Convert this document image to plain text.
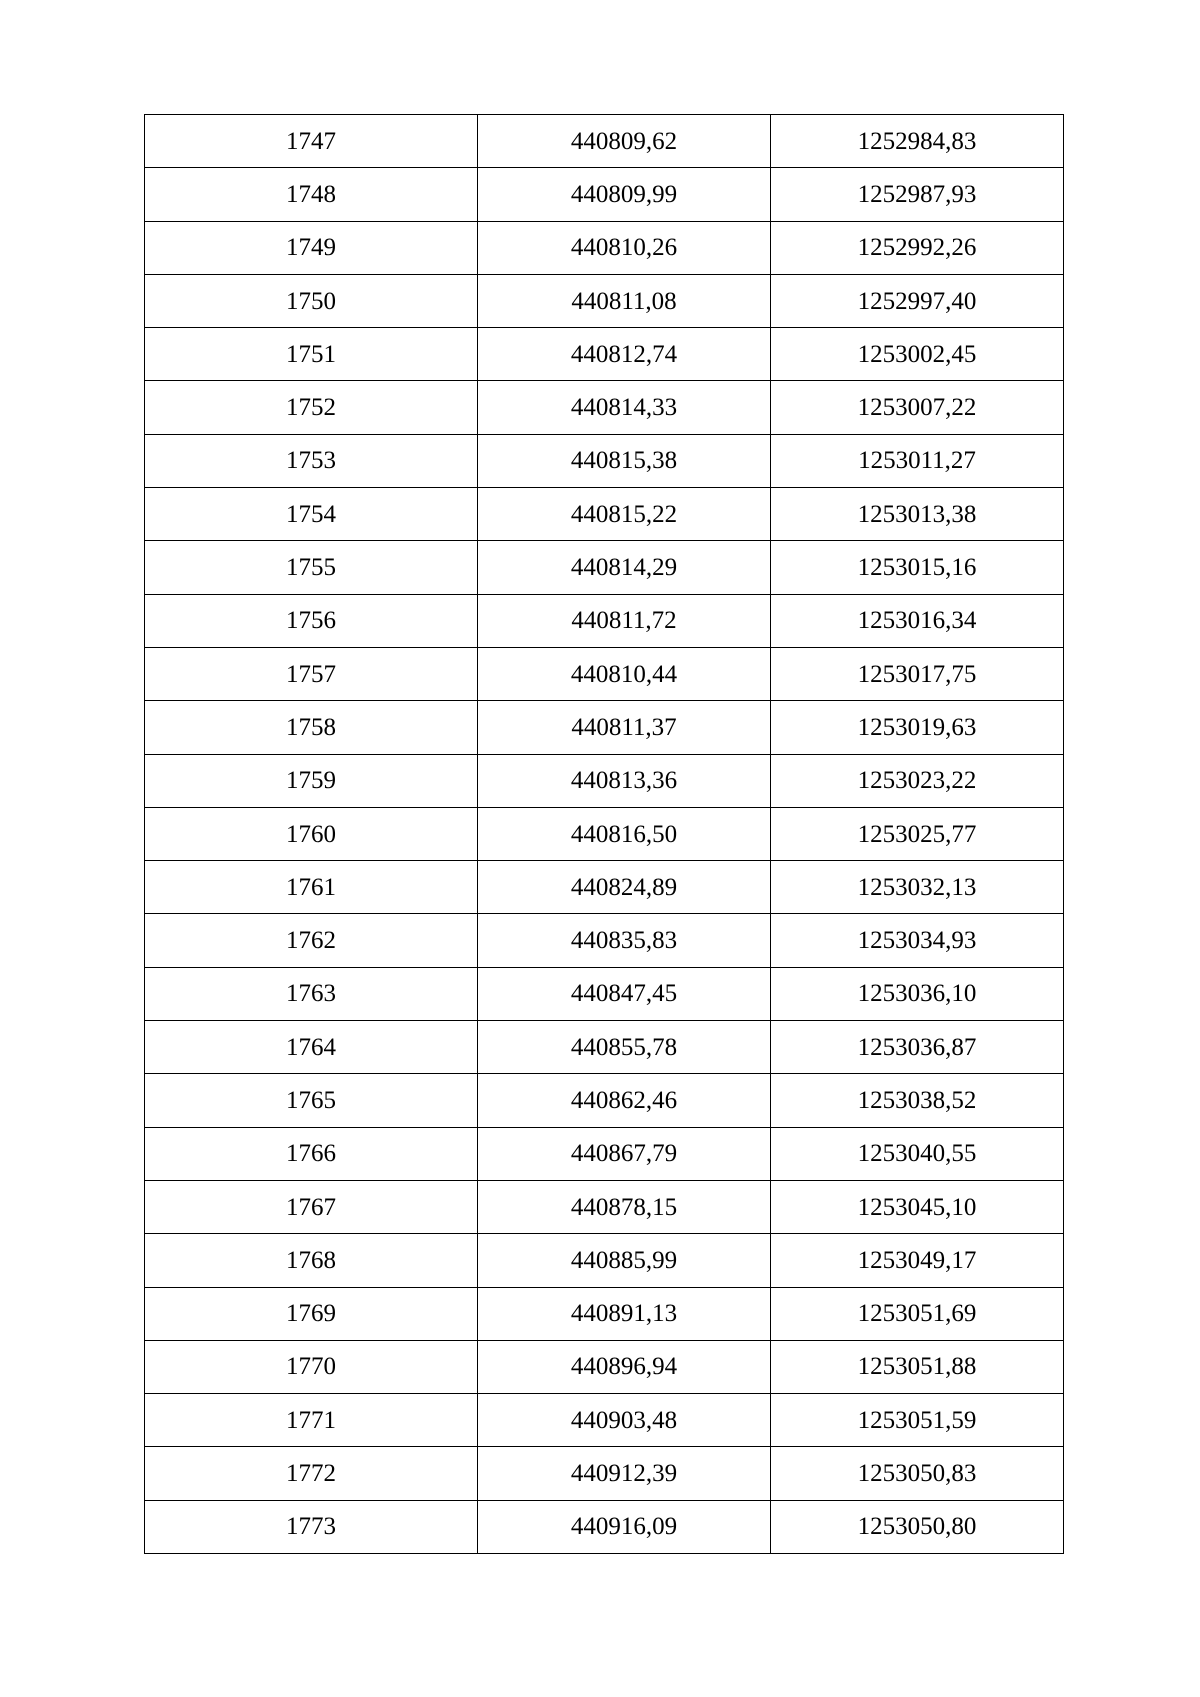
1747	440809,62	1252984,83
1748	440809,99	1252987,93
1749	440810,26	1252992,26
1750	440811,08	1252997,40
1751	440812,74	1253002,45
1752	440814,33	1253007,22
1753	440815,38	1253011,27
1754	440815,22	1253013,38
1755	440814,29	1253015,16
1756	440811,72	1253016,34
1757	440810,44	1253017,75
1758	440811,37	1253019,63
1759	440813,36	1253023,22
1760	440816,50	1253025,77
1761	440824,89	1253032,13
1762	440835,83	1253034,93
1763	440847,45	1253036,10
1764	440855,78	1253036,87
1765	440862,46	1253038,52
1766	440867,79	1253040,55
1767	440878,15	1253045,10
1768	440885,99	1253049,17
1769	440891,13	1253051,69
1770	440896,94	1253051,88
1771	440903,48	1253051,59
1772	440912,39	1253050,83
1773	440916,09	1253050,80
